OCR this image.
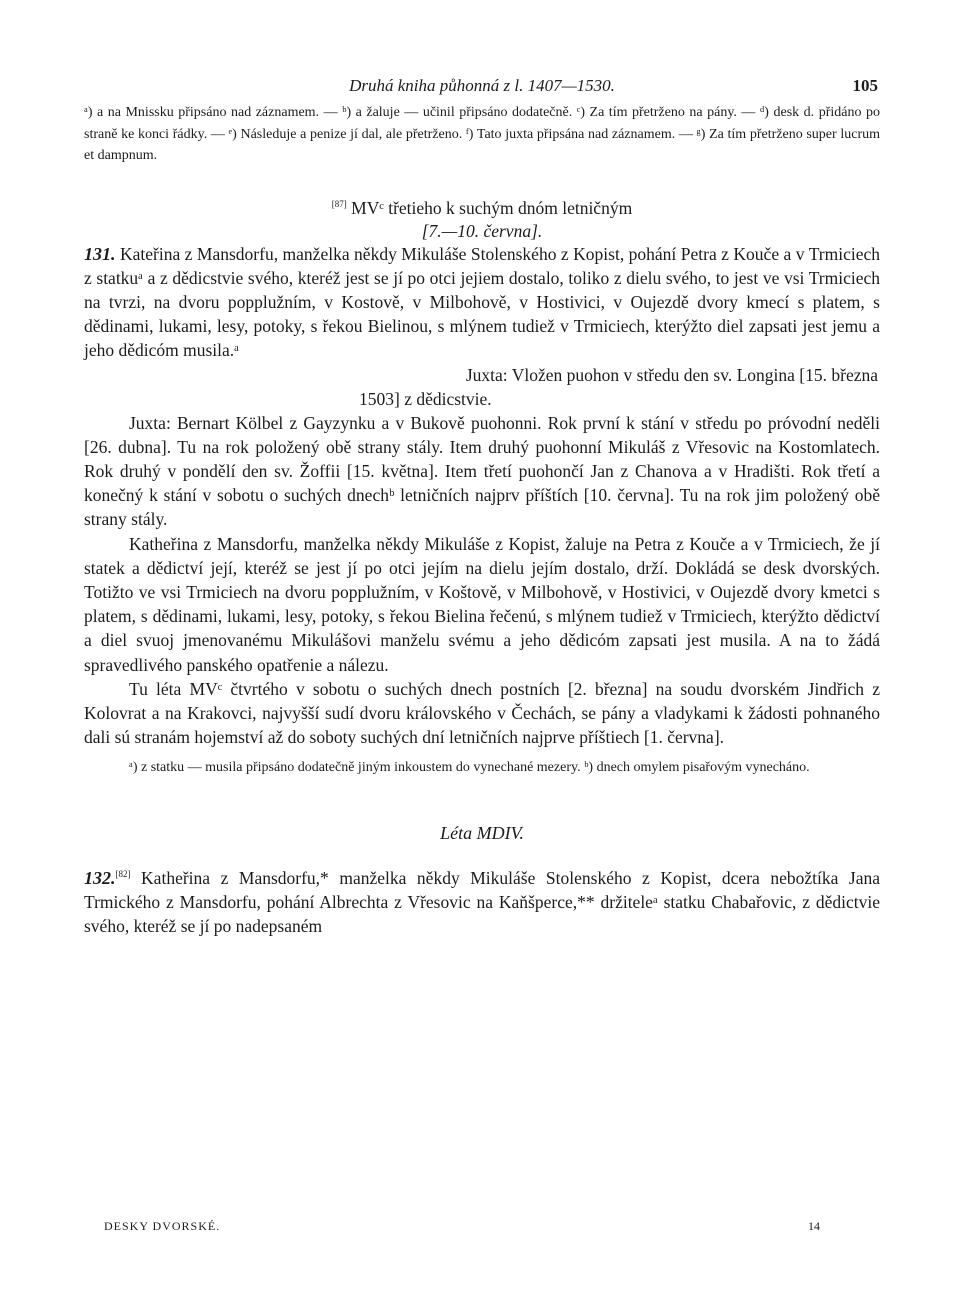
Druhá kniha půhonná z l. 1407—1530.	105

ᵃ) a na Mnissku připsáno nad záznamem. — ᵇ) a žaluje — učinil připsáno dodatečně. ᶜ) Za tím přetrženo na pány. — ᵈ) desk d. přidáno po straně ke konci řádky. — ᵉ) Následuje a penize jí dal, ale přetrženo. ᶠ) Tato juxta připsána nad záznamem. — ᵍ) Za tím přetrženo super lucrum et dampnum.

[87] MVᶜ třetieho k suchým dnóm letničným
[7.—10. června].

131. Kateřina z Mansdorfu, manželka někdy Mikuláše Stolenského z Kopist, pohání Petra z Kouče a v Trmiciech z statkuᵃ a z dědicstvie svého, kteréž jest se jí po otci jejiem dostalo, toliko z dielu svého, to jest ve vsi Trmiciech na tvrzi, na dvoru popplužním, v Kostově, v Milbohově, v Hostivici, v Oujezdě dvory kmecí s platem, s dědinami, lukami, lesy, potoky, s řekou Bielinou, s mlýnem tudiež v Trmiciech, kterýžto diel zapsati jest jemu a jeho dědicóm musila.ᵃ

Juxta: Vložen puohon v středu den sv. Longina [15. března
1503] z dědicstvie.

Juxta: Bernart Kölbel z Gayzynku a v Bukově puohonni. Rok první k stání v středu po próvodní neděli [26. dubna]. Tu na rok položený obě strany stály. Item druhý puohonní Mikuláš z Vřesovic na Kostomlatech. Rok druhý v pondělí den sv. Žoffii [15. května]. Item třetí puohončí Jan z Chanova a v Hradišti. Rok třetí a konečný k stání v sobotu o suchých dnechᵇ letničních najprv příštích [10. června]. Tu na rok jim položený obě strany stály.

Katheřina z Mansdorfu, manželka někdy Mikuláše z Kopist, žaluje na Petra z Kouče a v Trmiciech, že jí statek a dědictví její, kteréž se jest jí po otci jejím na dielu jejím dostalo, drží. Dokládá se desk dvorských. Totižto ve vsi Trmiciech na dvoru popplužním, v Koštově, v Milbohově, v Hostivici, v Oujezdě dvory kmetci s platem, s dědinami, lukami, lesy, potoky, s řekou Bielina řečenú, s mlýnem tudiež v Trmiciech, kterýžto dědictví a diel svuoj jmenovanému Mikulášovi manželu svému a jeho dědicóm zapsati jest musila. A na to žádá spravedlivého panského opatřenie a nálezu.

Tu léta MVᶜ čtvrtého v sobotu o suchých dnech postních [2. března] na soudu dvorském Jindřich z Kolovrat a na Krakovci, najvyšší sudí dvoru královského v Čechách, se pány a vladykami k žádosti pohnaného dali sú stranám hojemství až do soboty suchých dní letničních najprve příštiech [1. června].

ᵃ) z statku — musila připsáno dodatečně jiným inkoustem do vynechané mezery. ᵇ) dnech omylem pisařovým vynecháno.

Léta MDIV.

132.[82] Katheřina z Mansdorfu,* manželka někdy Mikuláše Stolenského z Kopist, dcera nebožtíka Jana Trmického z Mansdorfu, pohání Albrechta z Vřesovic na Kaňšperce,** držiteleᵃ statku Chabařovic, z dědictvie svého, kteréž se jí po nadepsaném

DESKY DVORSKÉ.	14
